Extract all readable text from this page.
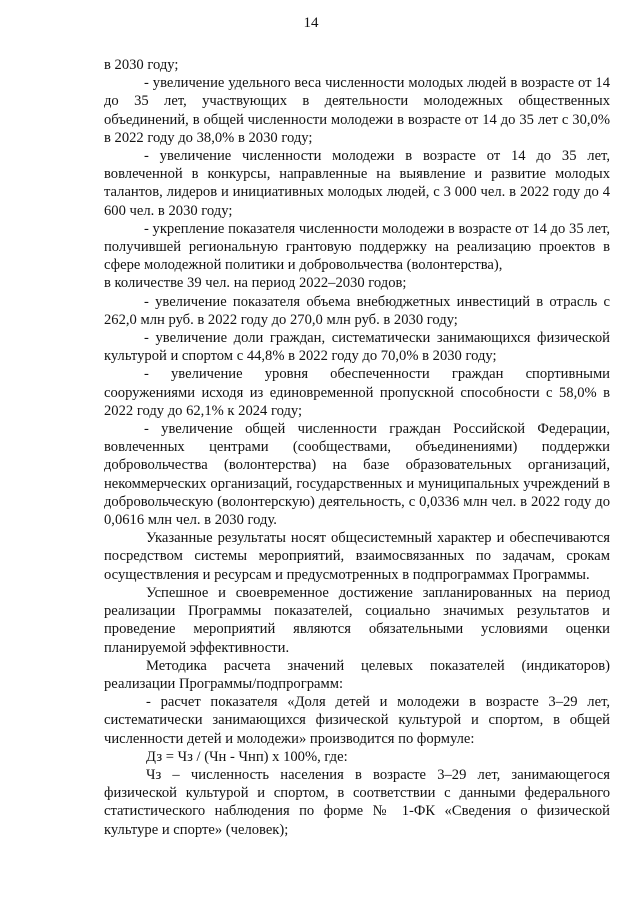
14

в 2030 году;

- увеличение удельного веса численности молодых людей в возрасте от 14 до 35 лет, участвующих в деятельности молодежных общественных объединений, в общей численности молодежи в возрасте от 14 до 35 лет с 30,0% в 2022 году до 38,0% в 2030 году;

- увеличение численности молодежи в возрасте от 14 до 35 лет, вовлеченной в конкурсы, направленные на выявление и развитие молодых талантов, лидеров и инициативных молодых людей, с 3 000 чел. в 2022 году до 4 600 чел. в 2030 году;

- укрепление показателя численности молодежи в возрасте от 14 до 35 лет, получившей региональную грантовую поддержку на реализацию проектов в сфере молодежной политики и добровольчества (волонтерства),

в количестве 39 чел. на период 2022–2030 годов;

- увеличение показателя объема внебюджетных инвестиций в отрасль с 262,0 млн руб. в 2022 году до 270,0 млн руб. в 2030 году;

- увеличение доли граждан, систематически занимающихся физической культурой и спортом с 44,8% в 2022 году до 70,0% в 2030 году;

- увеличение уровня обеспеченности граждан спортивными сооружениями исходя из единовременной пропускной способности с 58,0% в 2022 году до 62,1% к 2024 году;

- увеличение общей численности граждан Российской Федерации, вовлеченных центрами (сообществами, объединениями) поддержки добровольчества (волонтерства) на базе образовательных организаций, некоммерческих организаций, государственных и муниципальных учреждений в добровольческую (волонтерскую) деятельность, с 0,0336 млн чел. в 2022 году до 0,0616 млн чел. в 2030 году.

Указанные результаты носят общесистемный характер и обеспечиваются посредством системы мероприятий, взаимосвязанных по задачам, срокам осуществления и ресурсам и предусмотренных в подпрограммах Программы.

Успешное и своевременное достижение запланированных на период реализации Программы показателей, социально значимых результатов и проведение мероприятий являются обязательными условиями оценки планируемой эффективности.

Методика расчета значений целевых показателей (индикаторов) реализации Программы/подпрограмм:

- расчет показателя «Доля детей и молодежи в возрасте 3–29 лет, систематически занимающихся физической культурой и спортом, в общей численности детей и молодежи» производится по формуле:

Дз = Чз / (Чн - Чнп) х 100%, где:

Чз – численность населения в возрасте 3–29 лет, занимающегося физической культурой и спортом, в соответствии с данными федерального статистического наблюдения по форме № 1-ФК «Сведения о физической культуре и спорте» (человек);
